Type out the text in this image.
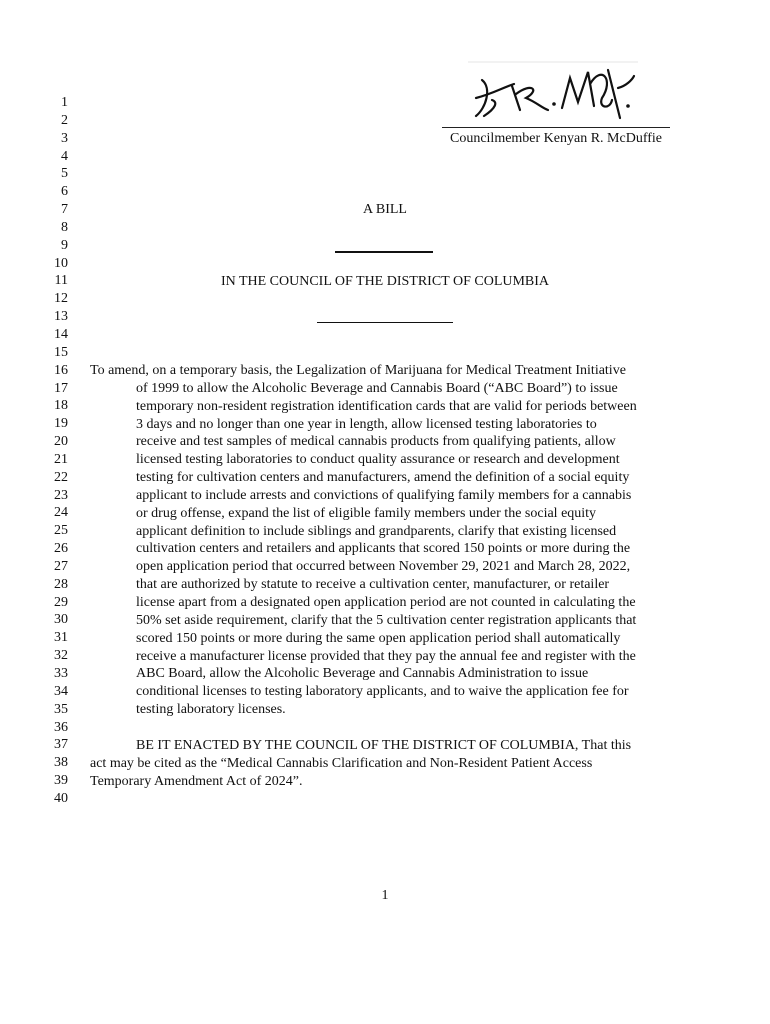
1
2
3
4
5
6
7
8
9
10
11
12
13
14
15
16
17
18
19
20
21
22
23
24
25
26
27
28
29
30
31
32
33
34
35
36
37
38
39
40
Councilmember Kenyan R. McDuffie
A BILL
IN THE COUNCIL OF THE DISTRICT OF COLUMBIA
To amend, on a temporary basis, the Legalization of Marijuana for Medical Treatment Initiative
of 1999 to allow the Alcoholic Beverage and Cannabis Board (“ABC Board”) to issue
temporary non-resident registration identification cards that are valid for periods between
3 days and no longer than one year in length, allow licensed testing laboratories to
receive and test samples of medical cannabis products from qualifying patients, allow
licensed testing laboratories to conduct quality assurance or research and development
testing for cultivation centers and manufacturers, amend the definition of a social equity
applicant to include arrests and convictions of qualifying family members for a cannabis
or drug offense, expand the list of eligible family members under the social equity
applicant definition to include siblings and grandparents, clarify that existing licensed
cultivation centers and retailers and applicants that scored 150 points or more during the
open application period that occurred between November 29, 2021 and March 28, 2022,
that are authorized by statute to receive a cultivation center, manufacturer, or retailer
license apart from a designated open application period are not counted in calculating the
50% set aside requirement, clarify that the 5 cultivation center registration applicants that
scored 150 points or more during the same open application period shall automatically
receive a manufacturer license provided that they pay the annual fee and register with the
ABC Board, allow the Alcoholic Beverage and Cannabis Administration to issue
conditional licenses to testing laboratory applicants, and to waive the application fee for
testing laboratory licenses.
BE IT ENACTED BY THE COUNCIL OF THE DISTRICT OF COLUMBIA, That this
act may be cited as the “Medical Cannabis Clarification and Non-Resident Patient Access
Temporary Amendment Act of 2024”.
1
